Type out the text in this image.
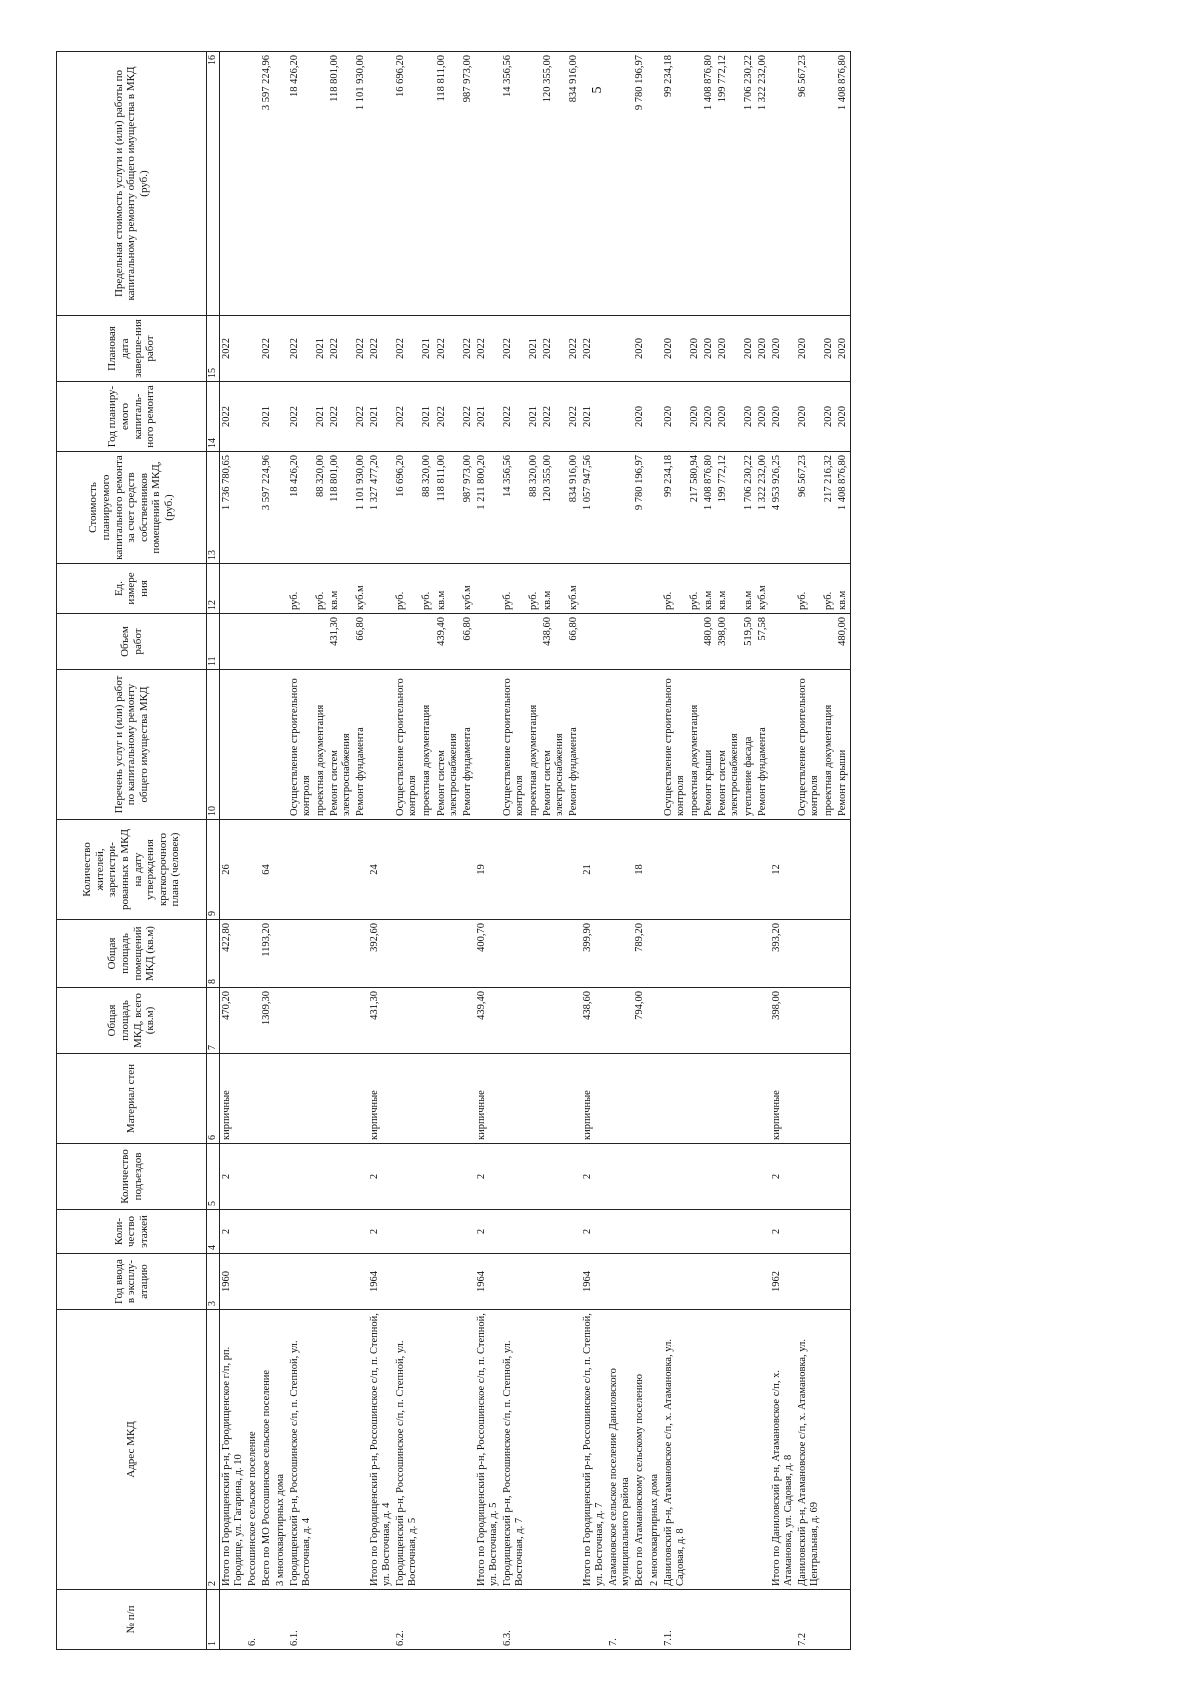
5
№ п/п	Адрес МКД	Год ввода в эксплу-атацию	Коли-чество этажей	Количество подъездов	Материал стен	Общая площадь МКД, всего (кв.м)	Общая площадь помещений МКД (кв.м)	Количество жителей, зарегистри-рованных в МКД на дату утверждения краткосрочного плана (человек)	Перечень услуг и (или) работ по капитальному ремонту общего имущества МКД	Объем работ	Ед. измере ния	Стоимость планируемого капитального ремонта за счет средств собственников помещений в МКД, (руб.)	Год планиру-емого капиталь-ного ремонта	Плановая дата заверше-ния работ	Предельная стоимость услуги и (или) работы по капитальному ремонту общего имущества в МКД (руб.)
1	2	3	4	5	6	7	8	9	10	11	12	13	14	15	16
	Итого по Городищенский р-н, Городищенское г/п, рп. Городище, ул. Гагарина, д. 10	1960	2	2	кирпичные	470,20	422,80	26				1 736 780,65	2022	2022	
6.	Россошинское сельское поселение														
	Всего по МО Россошинское сельское поселение					1309,30	1193,20	64				3 597 224,96	2021	2022	3 597 224,96
	3 многоквартирных дома														
6.1.	Городищенский р-н, Россошинское с/п, п. Степной, ул. Восточная, д. 4								Осуществление строительного контроля		руб.	18 426,20	2022	2022	18 426,20
									проектная документация		руб.	88 320,00	2021	2021	
									Ремонт систем электроснабжения	431,30	кв.м	118 801,00	2022	2022	118 801,00
									Ремонт фундамента	66,80	куб.м	1 101 930,00	2022	2022	1 101 930,00
	Итого по Городищенский р-н, Россошинское с/п, п. Степной, ул. Восточная, д. 4	1964	2	2	кирпичные	431,30	392,60	24				1 327 477,20	2021	2022	
6.2.	Городищенский р-н, Россошинское с/п, п. Степной, ул. Восточная, д. 5								Осуществление строительного контроля		руб.	16 696,20	2022	2022	16 696,20
									проектная документация		руб.	88 320,00	2021	2021	
									Ремонт систем электроснабжения	439,40	кв.м	118 811,00	2022	2022	118 811,00
									Ремонт фундамента	66,80	куб.м	987 973,00	2022	2022	987 973,00
	Итого по Городищенский р-н, Россошинское с/п, п. Степной, ул. Восточная, д. 5	1964	2	2	кирпичные	439,40	400,70	19				1 211 800,20	2021	2022	
6.3.	Городищенский р-н, Россошинское с/п, п. Степной, ул. Восточная, д. 7								Осуществление строительного контроля		руб.	14 356,56	2022	2022	14 356,56
									проектная документация		руб.	88 320,00	2021	2021	
									Ремонт систем электроснабжения	438,60	кв.м	120 355,00	2022	2022	120 355,00
									Ремонт фундамента	66,80	куб.м	834 916,00	2022	2022	834 916,00
	Итого по Городищенский р-н, Россошинское с/п, п. Степной, ул. Восточная, д. 7	1964	2	2	кирпичные	438,60	399,90	21				1 057 947,56	2021	2022	
7.	Атамановское сельское поселение Даниловского муниципального района														
	Всего по Атамановскому сельскому поселению					794,00	789,20	18				9 780 196,97	2020	2020	9 780 196,97
	2 многоквартирных дома														
7.1.	Даниловский р-н, Атамановское с/п, х. Атамановка, ул. Садовая, д. 8								Осуществление строительного контроля		руб.	99 234,18	2020	2020	99 234,18
									проектная документация		руб.	217 580,94	2020	2020	
									Ремонт крыши	480,00	кв.м	1 408 876,80	2020	2020	1 408 876,80
									Ремонт систем электроснабжения	398,00	кв.м	199 772,12	2020	2020	199 772,12
									утепление фасада	519,50	кв.м	1 706 230,22	2020	2020	1 706 230,22
									Ремонт фундамента	57,58	куб.м	1 322 232,00	2020	2020	1 322 232,00
	Итого по Даниловский р-н, Атамановское с/п, х. Атамановка, ул. Садовая, д. 8	1962	2	2	кирпичные	398,00	393,20	12				4 953 926,25	2020	2020	
7.2	Даниловский р-н, Атамановское с/п, х. Атамановка, ул. Центральная, д. 69								Осуществление строительного контроля		руб.	96 567,23	2020	2020	96 567,23
									проектная документация		руб.	217 216,32	2020	2020	
									Ремонт крыши	480,00	кв.м	1 408 876,80	2020	2020	1 408 876,80
